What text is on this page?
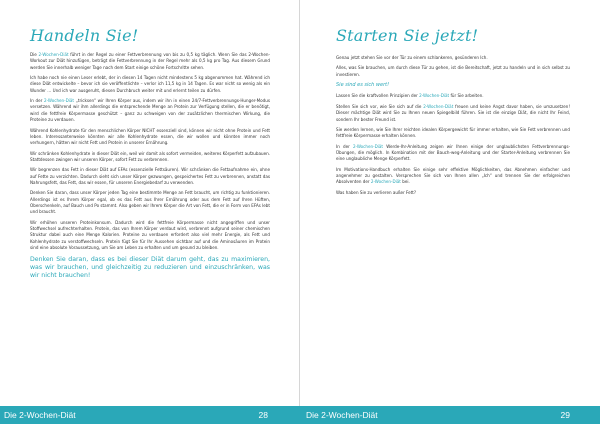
Handeln Sie!

Die 2-Wochen-Diät führt in der Regel zu einer Fettverbrennung von bis zu 0,5 kg täglich. Wenn Sie das 2-Wochen-Workout zur Diät hinzufügen, beträgt die Fettverbrennung in der Regel mehr als 0,5 kg pro Tag. Aus diesem Grund werden Sie innerhalb weniger Tage nach dem Start einige schöne Fortschritte sehen.

Ich habe noch nie einen Leser erlebt, der in diesen 14 Tagen nicht mindestens 5 kg abgenommen hat. Während ich diese Diät entwickelte – bevor ich sie veröffentlichte – verlor ich 11,5 kg in 14 Tagen. Es war nicht so wenig als ein Wunder … Und ich war ausgeruht, diesen Durchbruch weiter mit und erlernt teilen zu dürfen.

In der 2-Wochen-Diät „tricksen“ wir Ihren Körper aus, indem wir ihn in einen 24/7-Fettverbrennungs-Hunger-Modus versetzen. Während wir ihm allerdings die entsprechende Menge an Protein zur Verfügung stellen, die er benötigt, wird die fettfreie Körpermasse geschützt – ganz zu schweigen von der zusätzlichen thermischen Wirkung, die Proteine zu verdauen.

Während Kohlenhydrate für den menschlichen Körper NICHT essenziell sind, können wir nicht ohne Protein und Fett leben. Interessanterweise könnten wir alle Kohlenhydrate essen, die wir wollen und könnten immer noch verhungern, hätten wir nicht Fett und Protein in unserer Ernährung.

Wir schränken Kohlenhydrate in dieser Diät ein, weil wir damit als sofort vermeiden, weiteres Körperfett aufzubauen. Stattdessen zwingen wir unseren Körper, sofort Fett zu verbrennen.

Wir begrenzen das Fett in dieser Diät auf EFAs (essenzielle Fettsäuren). Wir schränken die Fettaufnahme ein, ohne auf Fette zu verzichten. Dadurch sieht sich unser Körper gezwungen, gespeichertes Fett zu verbrennen, anstatt das Nahrungsfett, das Fett, das wir essen, für unseren Energiebedarf zu verwenden.

Denken Sie daran, dass unser Körper jeden Tag eine bestimmte Menge an Fett braucht, um richtig zu funktionieren. Allerdings ist es Ihrem Körper egal, ob es das Fett aus Ihrer Ernährung oder aus dem Fett auf Ihren Hüften, Oberschenkeln, auf Bauch und Po stammt. Also geben wir Ihrem Körper die Art von Fett, die er in Form von EFAs lebt und braucht.

Wir erhöhen unseren Proteinkonsum. Dadurch wird die fettfreie Körpermasse nicht angegriffen und unser Stoffwechsel aufrechterhalten. Protein, das von Ihrem Körper verdaut wird, verbrennt aufgrund seiner chemischen Struktur dabei auch eine Menge Kalorien. Proteine zu verdauen erfordert also viel mehr Energie, als Fett und Kohlenhydrate zu verstoffwechseln. Protein fügt Sie für Ihr Aussehen sichtbar auf und die Aminosäuren im Protein sind eine absolute Voraussetzung, um Sie am Leben zu erhalten und um gesund zu bleiben.

Denken Sie daran, dass es bei dieser Diät darum geht, das zu maximieren, was wir brauchen, und gleichzeitig zu reduzieren und einzuschränken, was wir nicht brauchen!

Die 2-Wochen-Diät	28
Starten Sie jetzt!

Genau jetzt stehen Sie vor der Tür zu einem schlankeren, gesünderen Ich.

Alles, was Sie brauchen, um durch diese Tür zu gehen, ist die Bereitschaft, jetzt zu handeln und in sich selbst zu investieren.

Sie sind es sich wert!

Lassen Sie die kraftvollen Prinzipien der 2-Wochen-Diät für Sie arbeiten.

Stellen Sie sich vor, wie Sie sich auf die 2-Wochen-Diät freuen und keine Angst davor haben, sie umzusetzen! Dieser mächtige Diät wird Sie zu Ihnen neuen Spiegelbild führen. Sie ist die einzige Diät, die nicht Ihr Feind, sondern Ihr bester Freund ist.

Sie werden lernen, wie Sie Ihrer reichten idealen Körpergewicht für immer erhalten, wie Sie Fett verbrennen und fettfreie Körpermasse erhalten können.

In der 2-Wochen-Diät Werde-Ihr-Anleitung zeigen wir Ihnen einige der unglaublichsten Fettverbrennungs-Übungen, die möglich. In Kombination mit der Bauch-weg-Anleitung und der Starter-Anleitung verbrennen Sie eine unglaubliche Menge Körperfett.

Im Motivations-Handbuch erhalten Sie einige sehr effektive Möglichkeiten, das Abnehmen einfacher und angenehmer zu gestalten. Versprechen Sie sich von Ihnen allen „Ich“ und trennen Sie der erfolgreichen Absolventen der 2-Wochen-Diät bei.

Was haben Sie zu verlieren außer Fett?

Die 2-Wochen-Diät	29
